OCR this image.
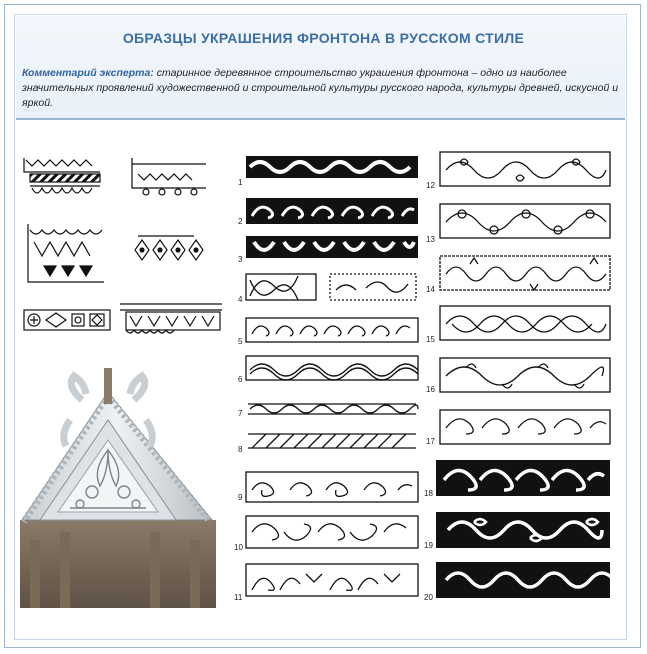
ОБРАЗЦЫ УКРАШЕНИЯ ФРОНТОНА В РУССКОМ СТИЛЕ
Комментарий эксперта: старинное деревянное строительство украшения фронтона – одно из наиболее значительных проявлений художественной и строительной культуры русского народа, культуры древней, искусной и яркой.
1
2
3
4
5
6
7
8
9
10
11
12
13
14
15
16
17
18
19
20
